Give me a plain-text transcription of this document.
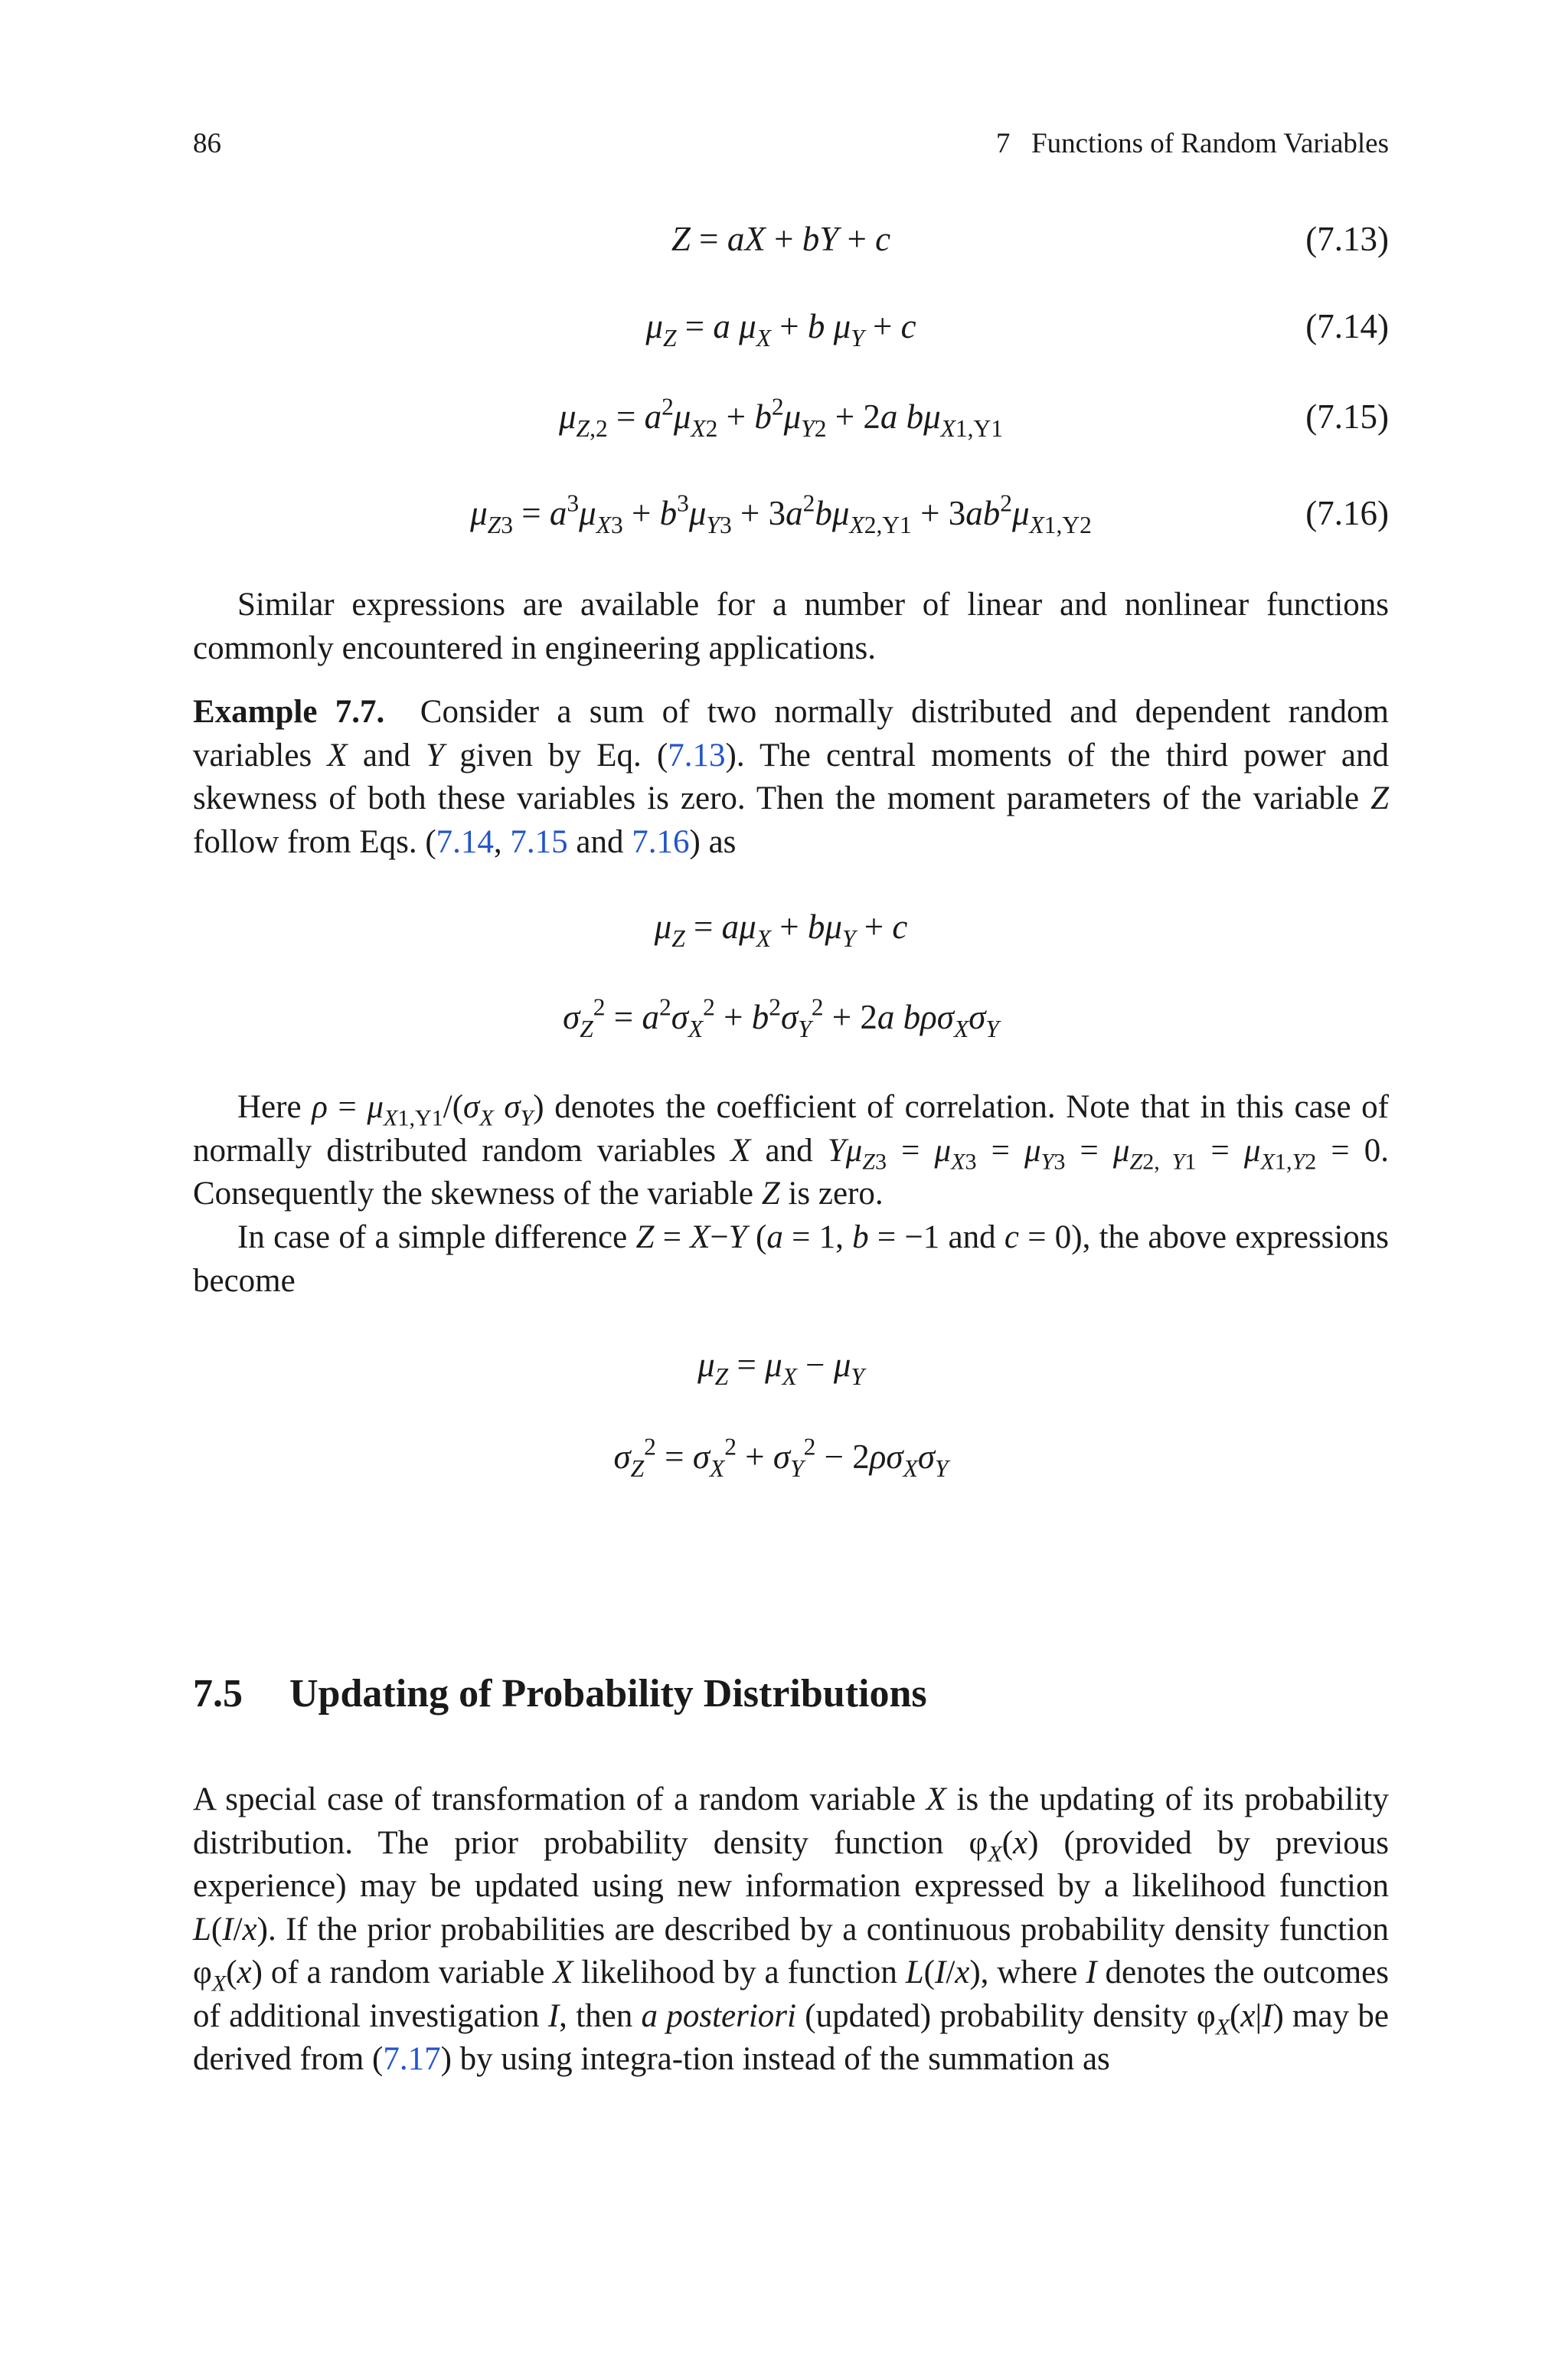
86	7   Functions of Random Variables
Z = aX + bY + c	(7.13)
$\mu_Z = a$ $\mu_X + b$ $\mu_Y + c$	(7.14)
$\mu_{Z,2} = a^2\mu_{X2} + b^2\mu_{Y2} + 2a$ $b\mu_{X1,Y1}$	(7.15)
$\mu_{Z3} = a^3\mu_{X3} + b^3\mu_{Y3} + 3a^2b\mu_{X2,Y1} + 3ab^2\mu_{X1,Y2}$	(7.16)
Similar expressions are available for a number of linear and nonlinear functions commonly encountered in engineering applications.
Example 7.7.  Consider a sum of two normally distributed and dependent random variables X and Y given by Eq. (7.13). The central moments of the third power and skewness of both these variables is zero. Then the moment parameters of the variable Z follow from Eqs. (7.14, 7.15 and 7.16) as
$\mu_Z = a\mu_X + b\mu_Y + c$
$\sigma_Z^2 = a^2\sigma_X^2 + b^2\sigma_Y^2 + 2a$ $b\rho\sigma_X\sigma_Y$
Here $\rho = \mu_{X1,Y1}/(\sigma_X$ $\sigma_Y$) denotes the coefficient of correlation. Note that in this case of normally distributed random variables X and $Y\mu_{Z3} = \mu_{X3} = \mu_{Y3} = \mu_{Z2, Y1} = \mu_{X1,Y2} = 0$. Consequently the skewness of the variable Z is zero.
In case of a simple difference Z = X−Y (a = 1, b = −1 and c = 0), the above expressions become
$\mu_Z = \mu_X - \mu_Y$
$\sigma_Z^2 = \sigma_X^2 + \sigma_Y^2 - 2\rho\sigma_X\sigma_Y$
7.5 Updating of Probability Distributions
A special case of transformation of a random variable X is the updating of its probability distribution. The prior probability density function $\varphi_X(x)$ (provided by previous experience) may be updated using new information expressed by a likelihood function L(I/x). If the prior probabilities are described by a continuous probability density function $\varphi_X(x)$ of a random variable X likelihood by a function L(I/x), where I denotes the outcomes of additional investigation I, then a posteriori (updated) probability density $\varphi_X(x|I)$ may be derived from (7.17) by using integra-tion instead of the summation as
